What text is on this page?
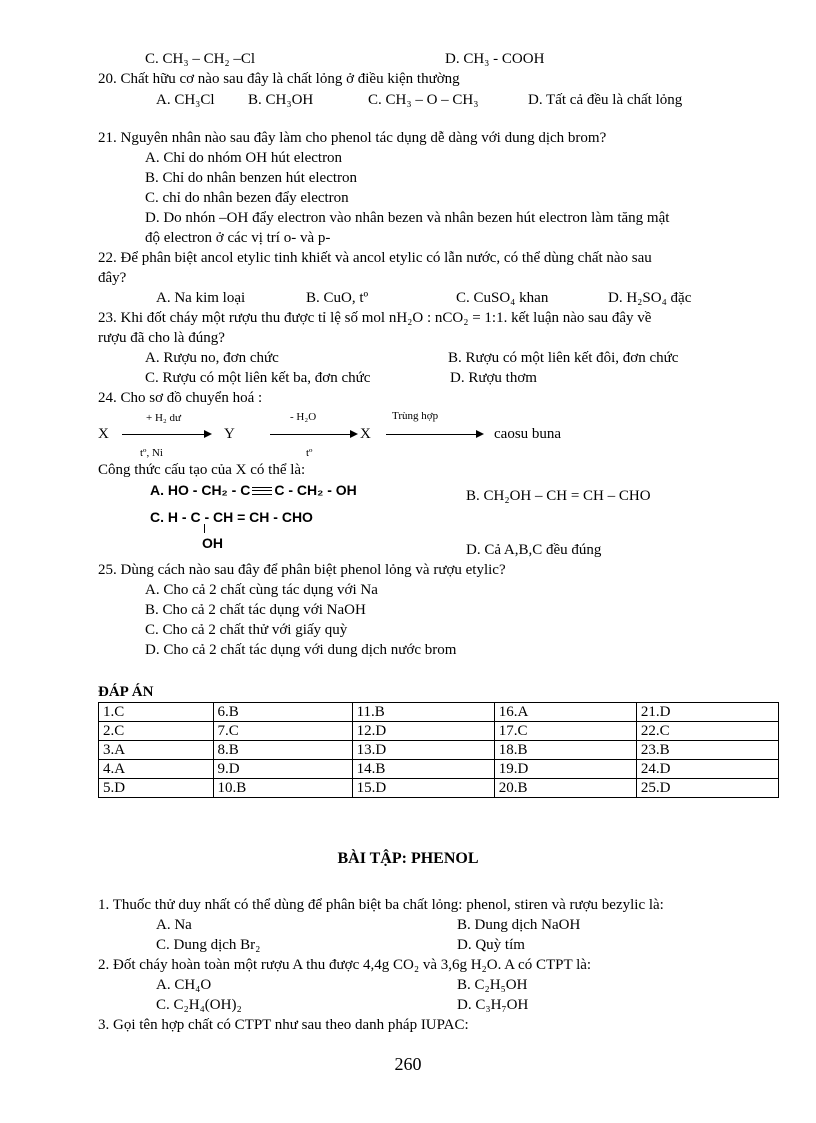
C. CH₃ – CH₂ –Cl	D. CH₃ - COOH
20. Chất hữu cơ nào sau đây là chất lỏng ở điều kiện thường
A. CH₃Cl B. CH₃OH	C. CH₃ – O – CH₃	D. Tất cả đều là chất lỏng
21. Nguyên nhân nào sau đây làm cho phenol tác dụng dễ dàng với dung dịch brom?
A. Chỉ do nhóm OH hút electron
B. Chỉ do nhân benzen hút electron
C. chỉ do nhân bezen đẩy electron
D. Do nhón –OH đẩy electron vào nhân bezen và nhân bezen hút electron làm tăng mật
độ electron ở các vị trí o- và p-
22. Để phân biệt ancol etylic tinh khiết và ancol etylic có lẫn nước, có thể dùng chất nào sau
đây?
A. Na kim loại	B. CuO, tº	C. CuSO₄ khan	D. H₂SO₄ đặc
23. Khi đốt cháy một rượu thu được tỉ lệ số mol nH₂O : nCO₂ = 1:1. kết luận nào sau đây về
rượu đã cho là đúng?
A. Rượu no, đơn chức	B. Rượu có một liên kết đôi, đơn chức
C. Rượu có một liên kết ba, đơn chức	D. Rượu thơm
24. Cho sơ đồ chuyển hoá :
X
+ H₂ dư
tº, Ni
Y
- H₂O
tº
X
Trùng hợp
caosu buna
Công thức cấu tạo của X có thể là:
A. HO - CH₂ - C C - CH₂ - OH	B. CH₂OH – CH = CH – CHO
C. H - C - CH = CH - CHO
OH	D. Cả A,B,C đều đúng
25. Dùng cách nào sau đây để phân biệt phenol lỏng và rượu etylic?
A. Cho cả 2 chất cùng tác dụng với Na
B. Cho cả 2 chất tác dụng với NaOH
C. Cho cả 2 chất thử với giấy quỳ
D. Cho cả 2 chất tác dụng với dung dịch nước brom
ĐÁP ÁN
1.C	6.B	11.B	16.A	21.D
2.C	7.C	12.D	17.C	22.C
3.A	8.B	13.D	18.B	23.B
4.A	9.D	14.B	19.D	24.D
5.D	10.B	15.D	20.B	25.D
BÀI TẬP: PHENOL
1. Thuốc thử duy nhất có thể dùng để phân biệt ba chất lỏng: phenol, stiren và rượu bezylic là:
A. Na	B. Dung dịch NaOH
C. Dung dịch Br₂	D. Quỳ tím
2. Đốt cháy hoàn toàn một rượu A thu được 4,4g CO₂ và 3,6g H₂O. A có CTPT là:
A. CH₄O	B. C₂H₅OH
C. C₂H₄(OH)₂	D. C₃H₇OH
3. Gọi tên hợp chất có CTPT như sau theo danh pháp IUPAC:
260
